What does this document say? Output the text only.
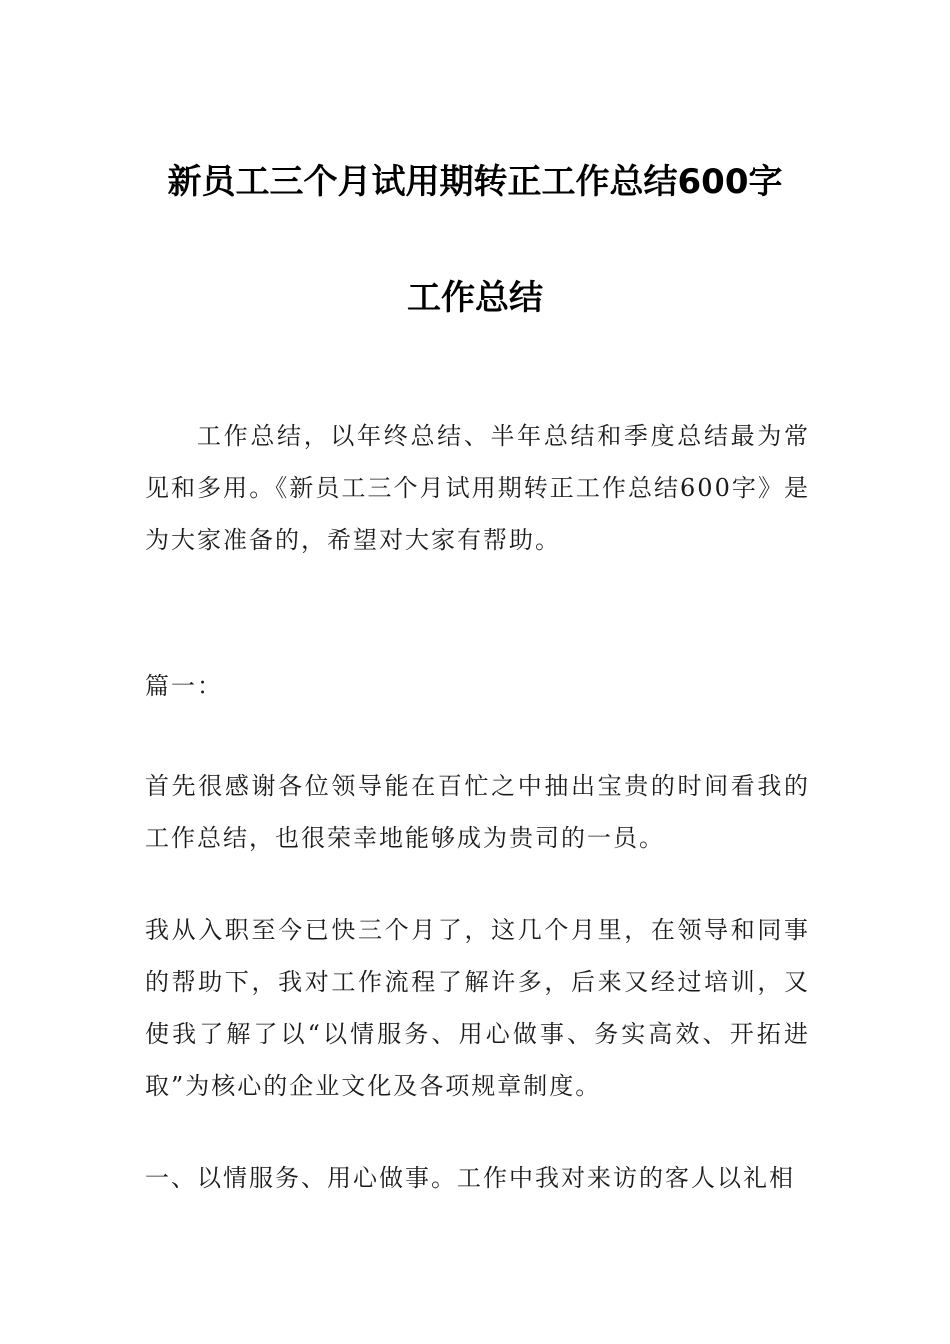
新员工三个月试用期转正工作总结600字
工作总结

工作总结，以年终总结、半年总结和季度总结最为常见和多用。《新员工三个月试用期转正工作总结600字》是为大家准备的，希望对大家有帮助。

篇一：

首先很感谢各位领导能在百忙之中抽出宝贵的时间看我的工作总结，也很荣幸地能够成为贵司的一员。

我从入职至今已快三个月了，这几个月里，在领导和同事的帮助下，我对工作流程了解许多，后来又经过培训，又使我了解了以“以情服务、用心做事、务实高效、开拓进取”为核心的企业文化及各项规章制度。

一、以情服务、用心做事。工作中我对来访的客人以礼相
